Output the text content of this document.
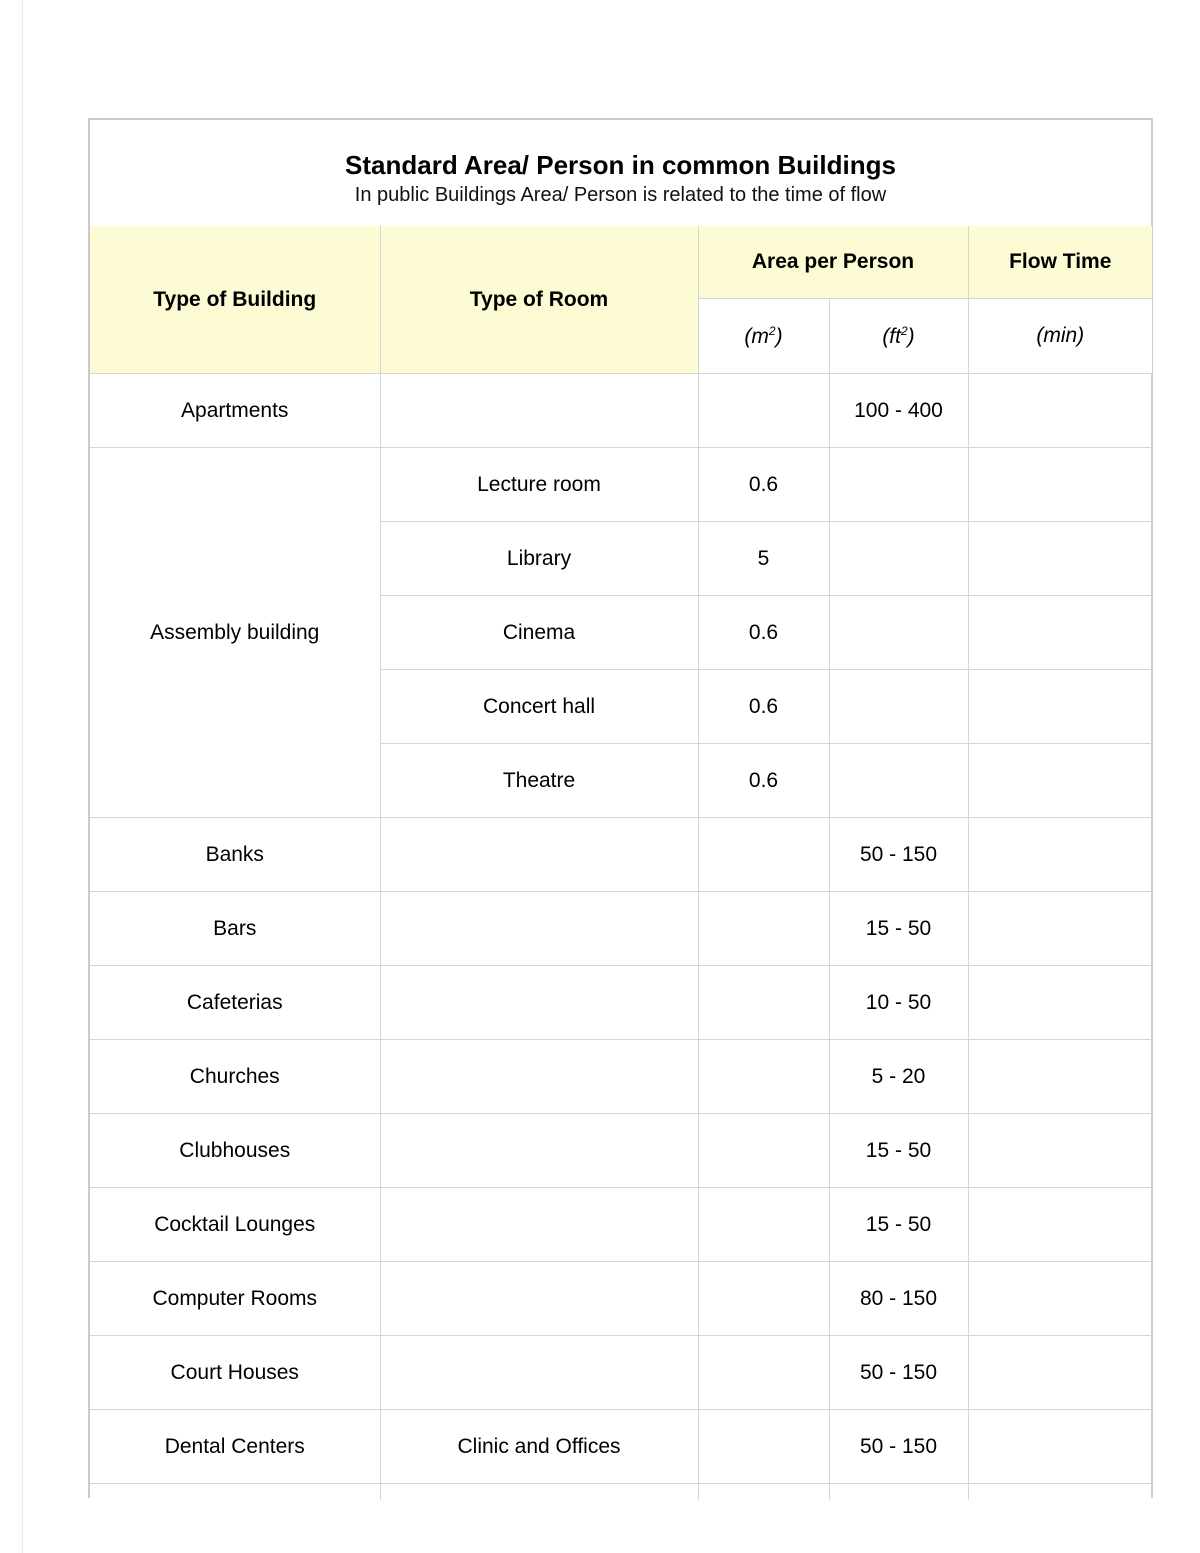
Standard Area/ Person in common Buildings
In public Buildings Area/ Person is related to the time of flow
Type of Building	Type of Room	Area per Person		Flow Time
		$(m^2)$	$(ft^2)$	(min)
Apartments			100 - 400	
Assembly building	Lecture room	0.6		
	Library	5		
	Cinema	0.6		
	Concert hall	0.6		
	Theatre	0.6		
Banks			50 - 150	
Bars			15 - 50	
Cafeterias			10 - 50	
Churches			5 - 20	
Clubhouses			15 - 50	
Cocktail Lounges			15 - 50	
Computer Rooms			80 - 150	
Court Houses			50 - 150	
Dental Centers	Clinic and Offices		50 - 150	
